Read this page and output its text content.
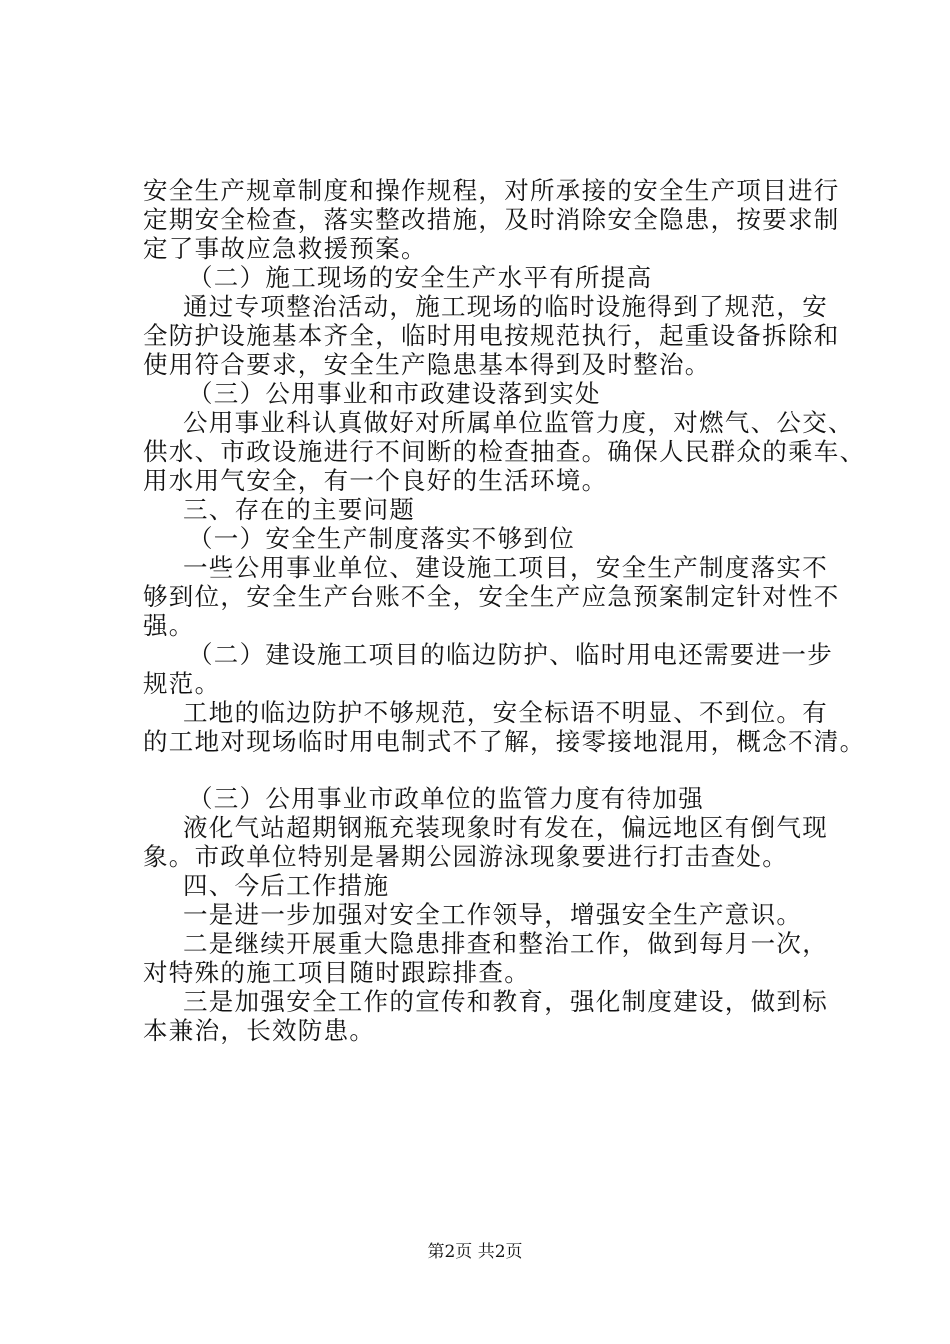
安全生产规章制度和操作规程，对所承接的安全生产项目进行
定期安全检查，落实整改措施，及时消除安全隐患，按要求制
定了事故应急救援预案。
（二）施工现场的安全生产水平有所提高
通过专项整治活动，施工现场的临时设施得到了规范，安
全防护设施基本齐全，临时用电按规范执行，起重设备拆除和
使用符合要求，安全生产隐患基本得到及时整治。
（三）公用事业和市政建设落到实处
公用事业科认真做好对所属单位监管力度，对燃气、公交、
供水、市政设施进行不间断的检查抽查。确保人民群众的乘车、
用水用气安全，有一个良好的生活环境。
三、存在的主要问题
（一）安全生产制度落实不够到位
一些公用事业单位、建设施工项目，安全生产制度落实不
够到位，安全生产台账不全，安全生产应急预案制定针对性不
强。
（二）建设施工项目的临边防护、临时用电还需要进一步
规范。
工地的临边防护不够规范，安全标语不明显、不到位。有
的工地对现场临时用电制式不了解，接零接地混用，概念不清。
（三）公用事业市政单位的监管力度有待加强
液化气站超期钢瓶充装现象时有发在，偏远地区有倒气现
象。市政单位特别是暑期公园游泳现象要进行打击查处。
四、今后工作措施
一是进一步加强对安全工作领导，增强安全生产意识。
二是继续开展重大隐患排查和整治工作，做到每月一次，
对特殊的施工项目随时跟踪排查。
三是加强安全工作的宣传和教育，强化制度建设，做到标
本兼治，长效防患。
第2页 共2页
